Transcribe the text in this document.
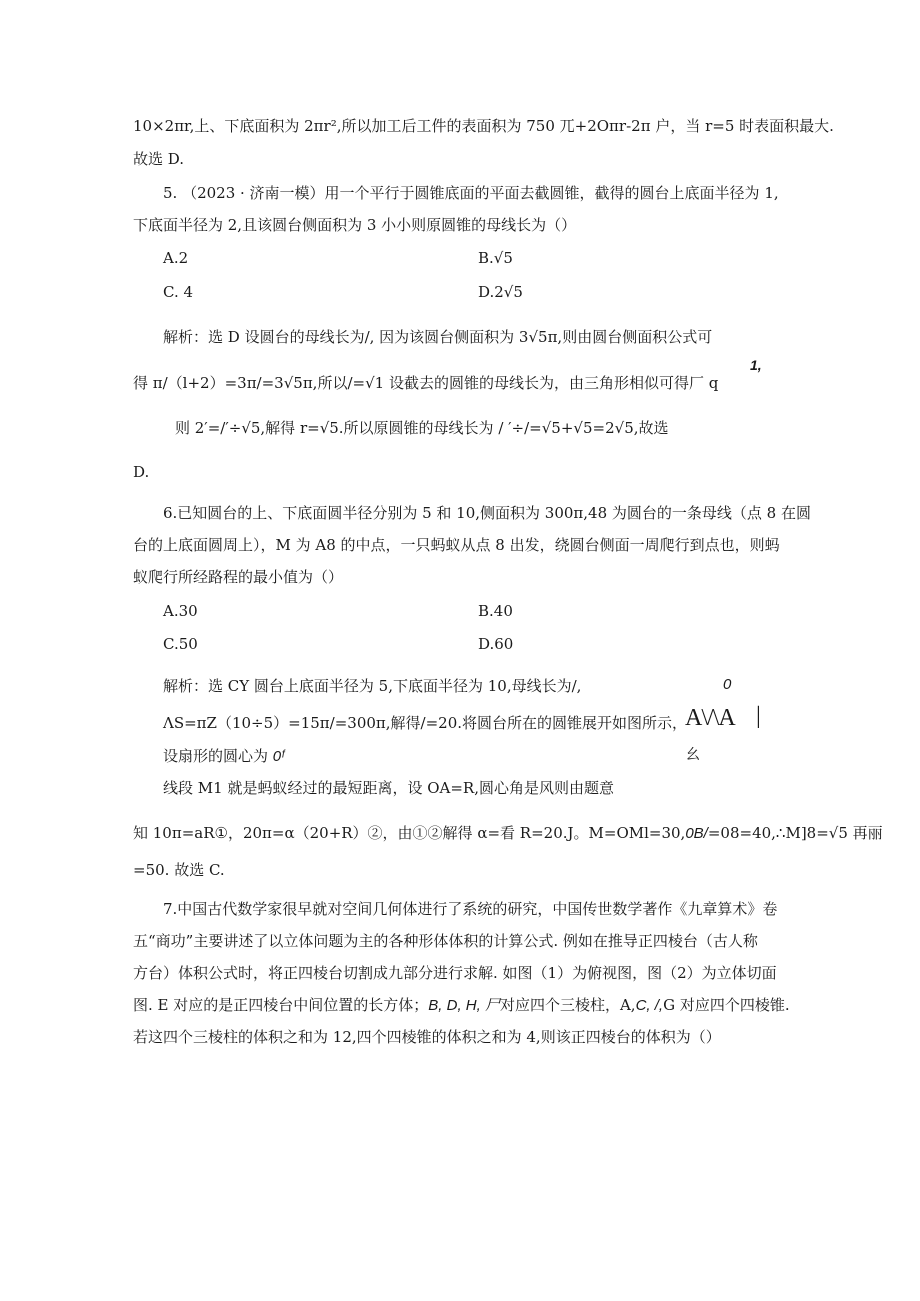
10×2πr,上、下底面积为 2πr²,所以加工后工件的表面积为 750 兀+2Oπr-2π 户，当 r=5 时表面积最大.
故选 D.
5. （2023 · 济南一模）用一个平行于圆锥底面的平面去截圆锥，截得的圆台上底面半径为 1,
下底面半径为 2,且该圆台侧面积为 3 小小则原圆锥的母线长为（）
A.2	B.√5
C. 4	D.2√5
解析：选 D 设圆台的母线长为/, 因为该圆台侧面积为 3√5π,则由圆台侧面积公式可
1,
得 π/（l+2）=3π/=3√5π,所以/=√1 设截去的圆锥的母线长为，由三角形相似可得厂 q
则 2′=/′÷√5,解得 r=√5.所以原圆锥的母线长为 / ′÷/=√5+√5=2√5,故选
D.
6.已知圆台的上、下底面圆半径分别为 5 和 10,侧面积为 300π,48 为圆台的一条母线（点 8 在圆
台的上底面圆周上），M 为 A8 的中点，一只蚂蚁从点 8 出发，绕圆台侧面一周爬行到点也，则蚂
蚁爬行所经路程的最小值为（）
A.30	B.40
C.50	D.60
解析：选 CY 圆台上底面半径为 5,下底面半径为 10,母线长为/,
ΛS=πZ（10÷5）=15π/=300π,解得/=20.将圆台所在的圆锥展开如图所示，
设扇形的圆心为 0ᶠ
线段 M1 就是蚂蚁经过的最短距离，设 OA=R,圆心角是风则由题意
知 10π=aR①，20π=α（20+R）②，由①②解得 α=看 R=20.J。M=OMl=30,0B/=08=40,∴M]8=√5 再丽
=50. 故选 C.
0
A\/\A |
幺
7.中国古代数学家很早就对空间几何体进行了系统的研究，中国传世数学著作《九章算术》卷
五“商功”主要讲述了以立体问题为主的各种形体体积的计算公式. 例如在推导正四棱台（古人称
方台）体积公式时，将正四棱台切割成九部分进行求解. 如图（1）为俯视图，图（2）为立体切面
图. E 对应的是正四棱台中间位置的长方体；B, D, H, 尸对应四个三棱柱，A,C, /,G 对应四个四棱锥.
若这四个三棱柱的体积之和为 12,四个四棱锥的体积之和为 4,则该正四棱台的体积为（）
